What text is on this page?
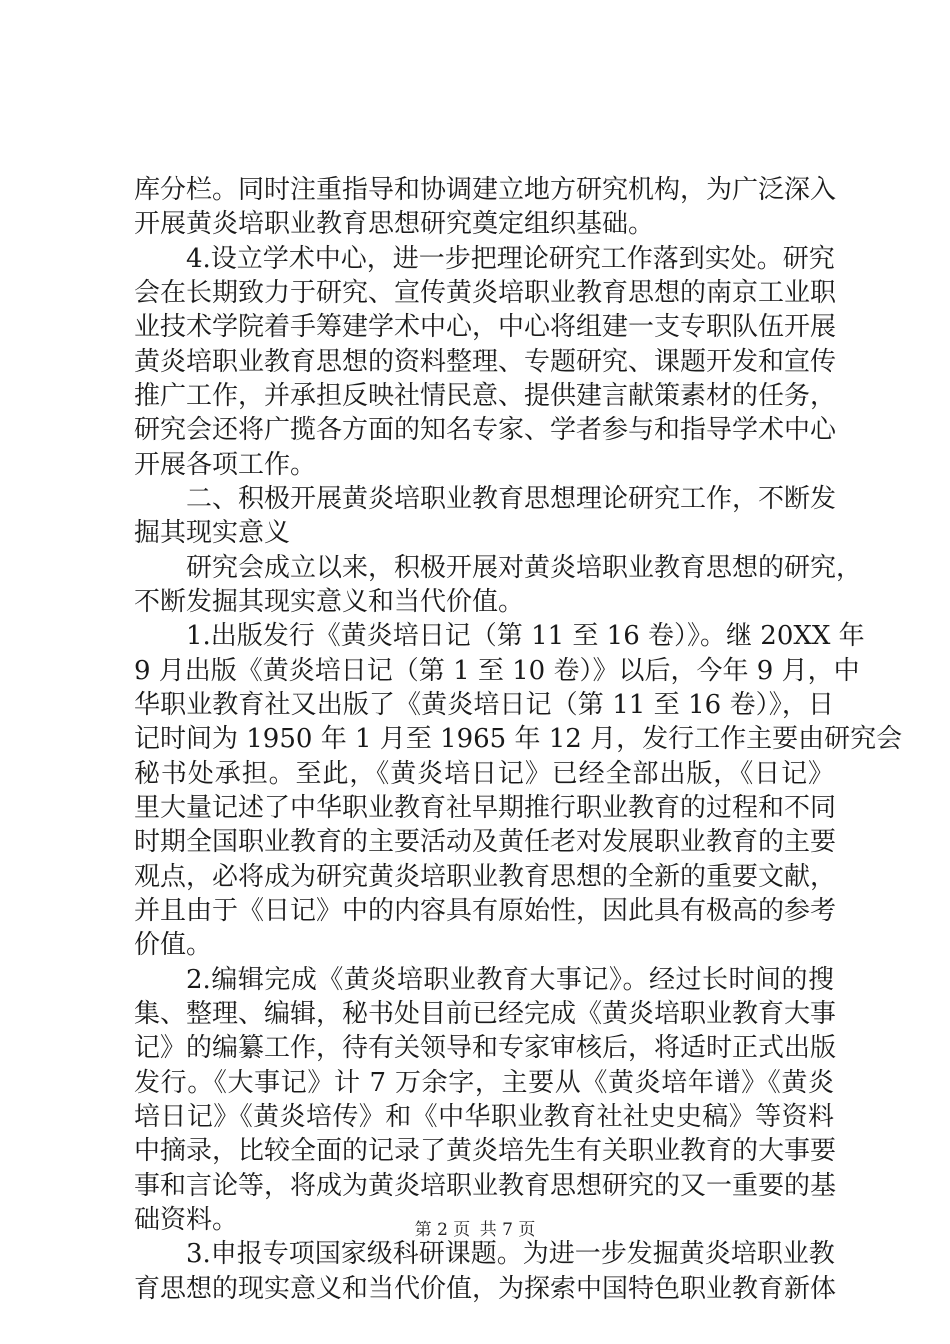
库分栏。同时注重指导和协调建立地方研究机构，为广泛深入
开展黄炎培职业教育思想研究奠定组织基础。
4.设立学术中心，进一步把理论研究工作落到实处。研究
会在长期致力于研究、宣传黄炎培职业教育思想的南京工业职
业技术学院着手筹建学术中心，中心将组建一支专职队伍开展
黄炎培职业教育思想的资料整理、专题研究、课题开发和宣传
推广工作，并承担反映社情民意、提供建言献策素材的任务，
研究会还将广揽各方面的知名专家、学者参与和指导学术中心
开展各项工作。
二、积极开展黄炎培职业教育思想理论研究工作，不断发
掘其现实意义
研究会成立以来，积极开展对黄炎培职业教育思想的研究，
不断发掘其现实意义和当代价值。
1.出版发行《黄炎培日记（第 11 至 16 卷）》。继 20XX 年
9 月出版《黄炎培日记（第 1 至 10 卷）》以后，今年 9 月，中
华职业教育社又出版了《黄炎培日记（第 11 至 16 卷）》，日
记时间为 1950 年 1 月至 1965 年 12 月，发行工作主要由研究会
秘书处承担。至此，《黄炎培日记》已经全部出版，《日记》
里大量记述了中华职业教育社早期推行职业教育的过程和不同
时期全国职业教育的主要活动及黄任老对发展职业教育的主要
观点，必将成为研究黄炎培职业教育思想的全新的重要文献，
并且由于《日记》中的内容具有原始性，因此具有极高的参考
价值。
2.编辑完成《黄炎培职业教育大事记》。经过长时间的搜
集、整理、编辑，秘书处目前已经完成《黄炎培职业教育大事
记》的编纂工作，待有关领导和专家审核后，将适时正式出版
发行。《大事记》计 7 万余字，主要从《黄炎培年谱》《黄炎
培日记》《黄炎培传》和《中华职业教育社社史史稿》等资料
中摘录，比较全面的记录了黄炎培先生有关职业教育的大事要
事和言论等，将成为黄炎培职业教育思想研究的又一重要的基
础资料。
3.申报专项国家级科研课题。为进一步发掘黄炎培职业教
育思想的现实意义和当代价值，为探索中国特色职业教育新体
第 2 页 共 7 页
